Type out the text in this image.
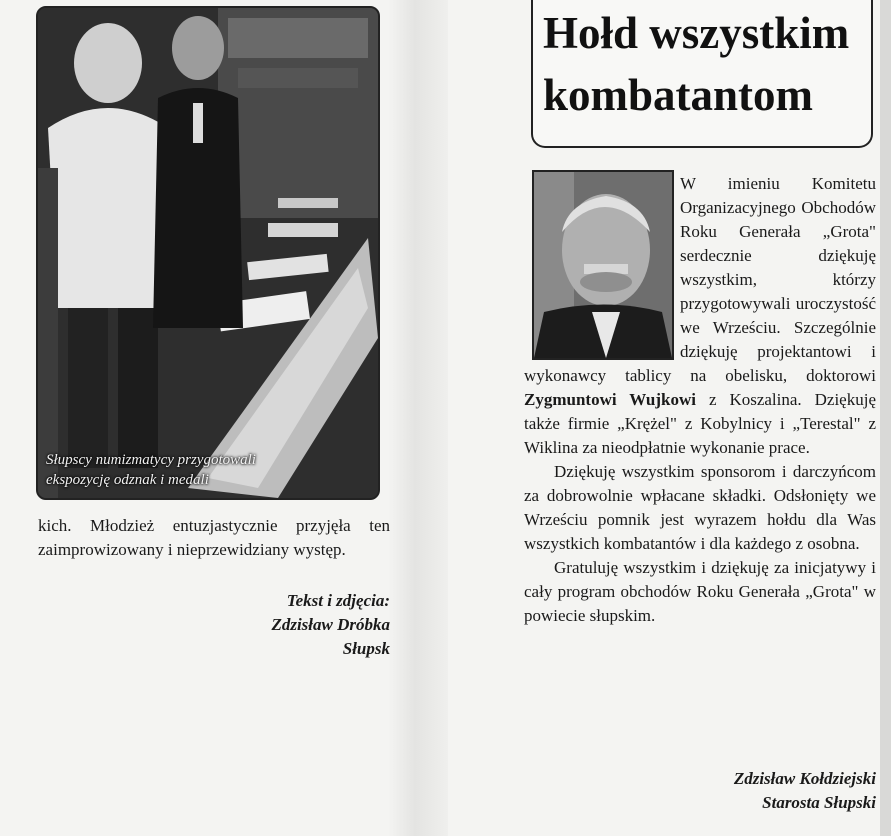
Słupscy numizmatycy przygotowali
ekspozycję odznak i medali

kich. Młodzież entuzjastycznie przyjęła ten zaimprowizowany i nieprzewidziany występ.

Tekst i zdjęcia:
Zdzisław Dróbka
Słupsk
Hołd wszystkim kombatantom

W imieniu Komitetu Organizacyjnego Obchodów Roku Generała „Grota" serdecznie dziękuję wszystkim, którzy przygotowywali uroczystość we Wrześciu. Szczególnie dziękuję projektantowi i wykonawcy tablicy na obelisku, doktorowi Zygmuntowi Wujkowi z Koszalina. Dziękuję także firmie „Krężel" z Kobylnicy i „Terestal" z Wiklina za nieodpłatnie wykonanie prace.

Dziękuję wszystkim sponsorom i darczyńcom za dobrowolnie wpłacane składki. Odsłonięty we Wrześciu pomnik jest wyrazem hołdu dla Was wszystkich kombatantów i dla każdego z osobna.

Gratuluję wszystkim i dziękuję za inicjatywy i cały program obchodów Roku Generała „Grota" w powiecie słupskim.

Zdzisław Kołdziejski
Starosta Słupski
